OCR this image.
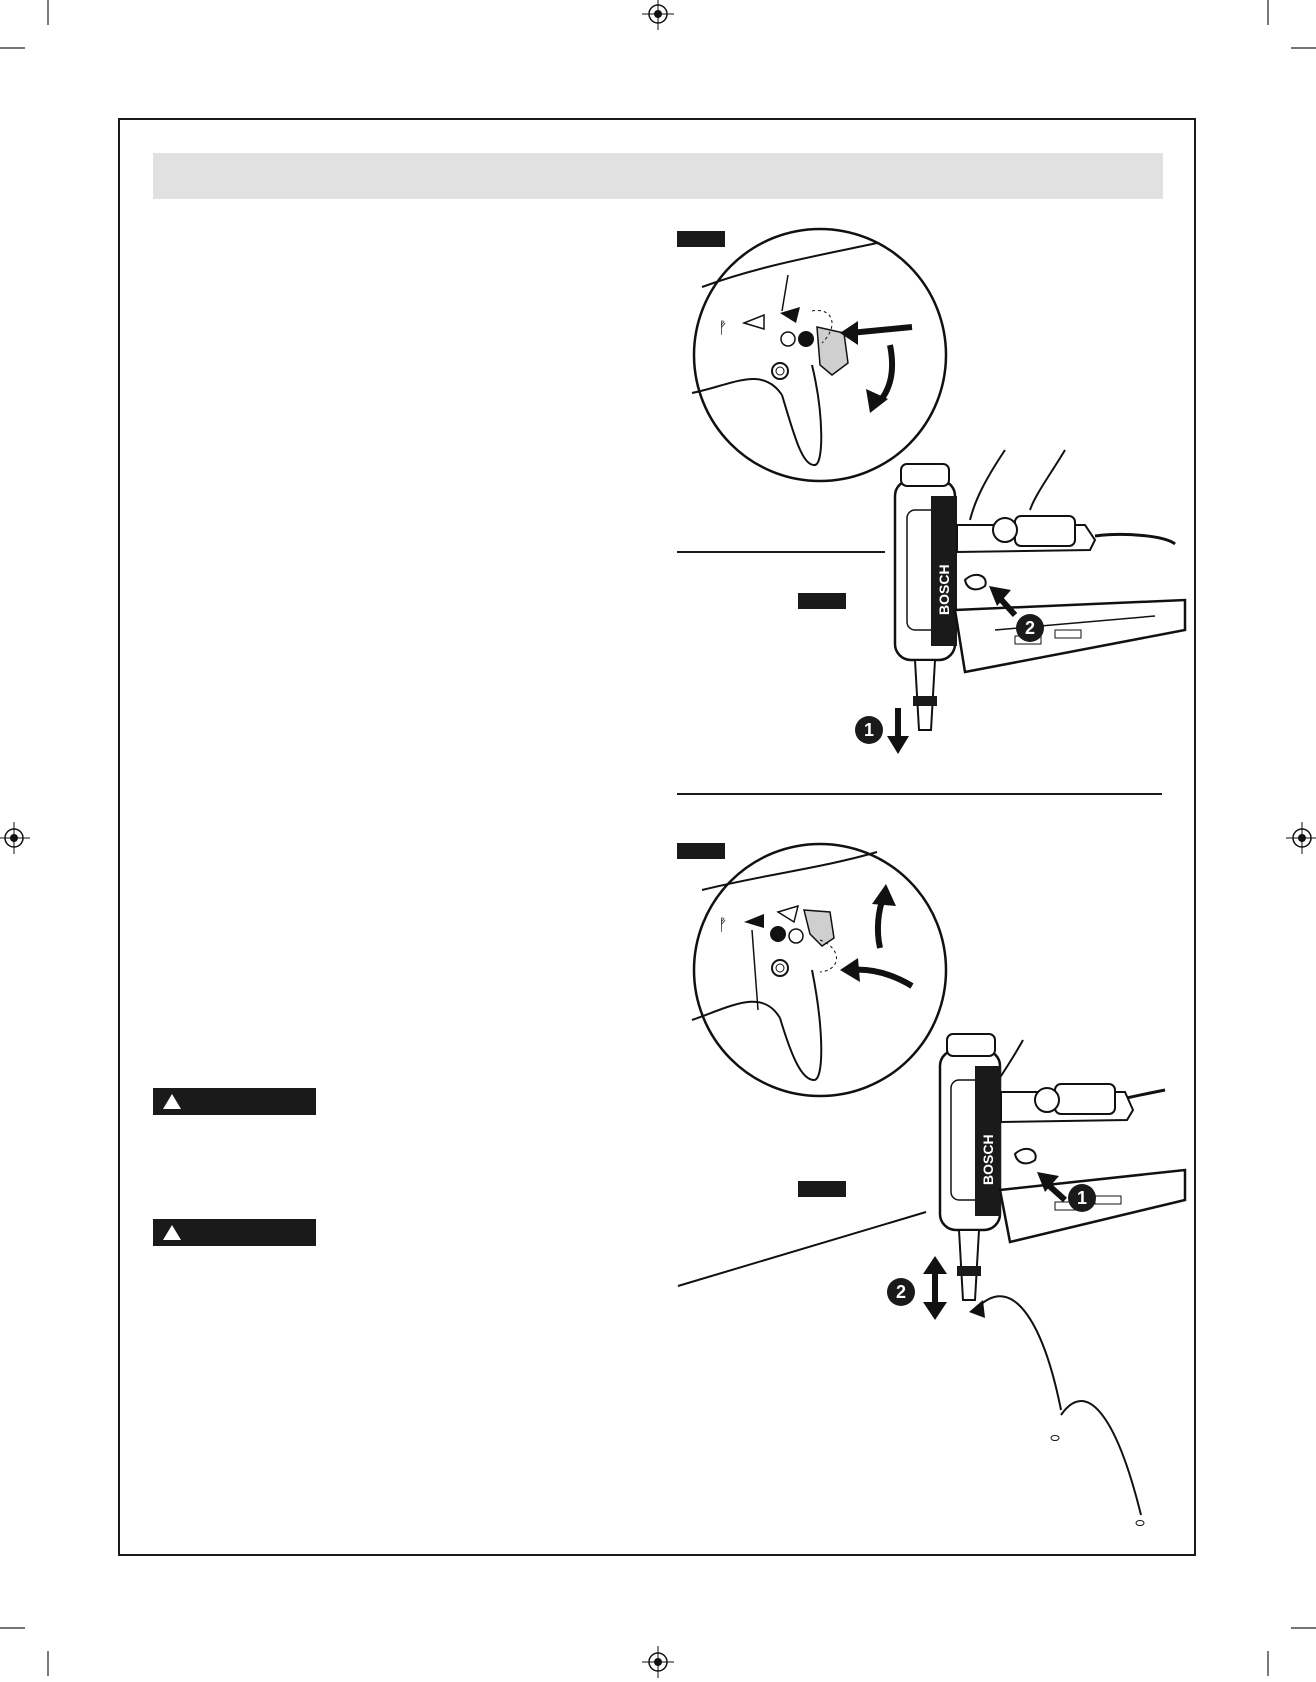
ᚡ
BOSCH
2
1
ᚡ
BOSCH
1
2
